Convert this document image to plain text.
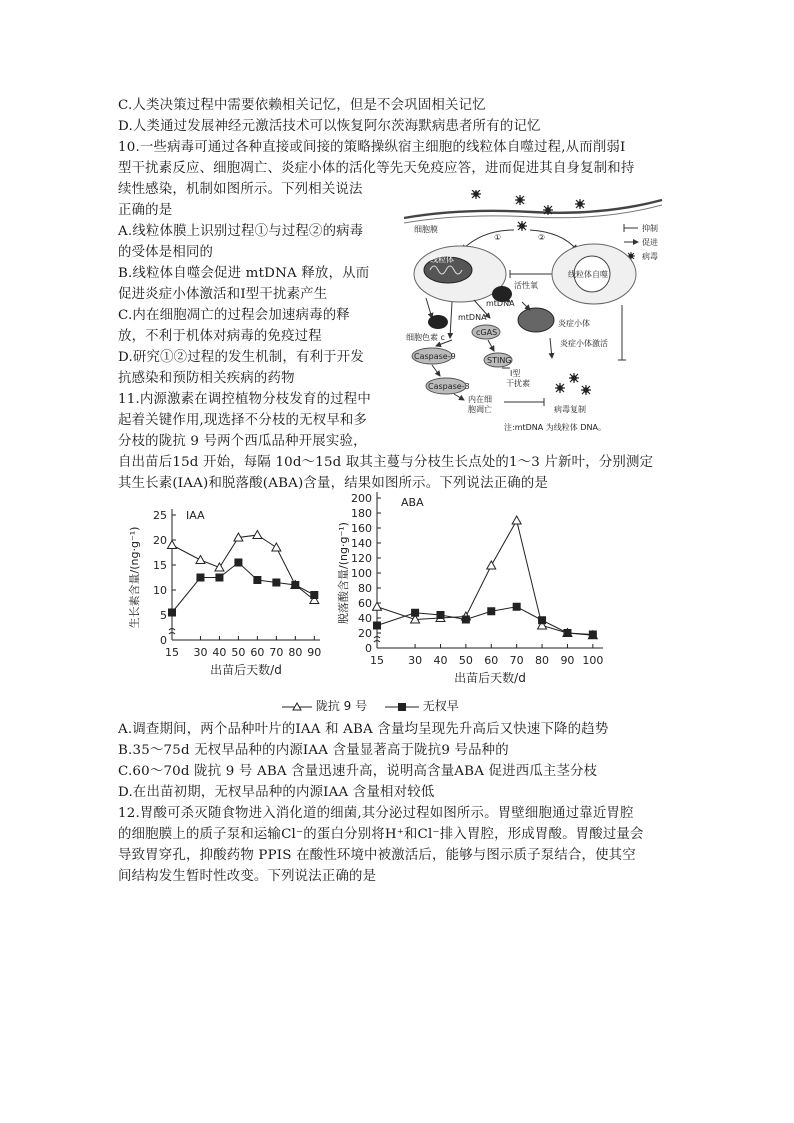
C.人类决策过程中需要依赖相关记忆，但是不会巩固相关记忆
D.人类通过发展神经元激活技术可以恢复阿尔茨海默病患者所有的记忆
10.一些病毒可通过各种直接或间接的策略操纵宿主细胞的线粒体自噬过程,从而削弱Ⅰ
型干扰素反应、细胞凋亡、炎症小体的活化等先天免疫应答，进而促进其自身复制和持
续性感染，机制如图所示。下列相关说法
正确的是
A.线粒体膜上识别过程①与过程②的病毒
的受体是相同的
B.线粒体自噬会促进 mtDNA 释放，从而
促进炎症小体激活和Ⅰ型干扰素产生
C.内在细胞凋亡的过程会加速病毒的释
放，不利于机体对病毒的免疫过程
D.研究①②过程的发生机制，有利于开发
抗感染和预防相关疾病的药物
11.内源激素在调控植物分枝发育的过程中
起着关键作用,现选择不分枝的无杈早和多
分枝的陇抗 9 号两个西瓜品种开展实验，
自出苗后15d 开始，每隔 10d～15d 取其主蔓与分枝生长点处的1～3 片新叶，分别测定
其生长素(IAA)和脱落酸(ABA)含量，结果如图所示。下列说法正确的是
细胞膜	抑制
促进
病毒
①	②
线粒体
线粒体自噬
活性氧
mtDNA
mtDNA
细胞色素 c
cGAS
Caspase-9	STING
Caspase-3
炎症小体
炎症小体激活
Ⅰ型
干扰素
内在细
胞凋亡	病毒复制
注:mtDNA 为线粒体 DNA。
0
5
10
15
20
25
15 30 40 50 60 70 80 90
出苗后天数/d
生长素含量/(ng·g⁻¹)
IAA
0
20
40
60
80
100
120
140
160
180
200
15 30 40 50 60 70 80 90 100
出苗后天数/d
脱落酸含量/(ng·g⁻¹)
ABA
陇抗 9 号	无杈早
A.调查期间，两个品种叶片的IAA 和 ABA 含量均呈现先升高后又快速下降的趋势
B.35～75d 无杈早品种的内源IAA 含量显著高于陇抗9 号品种的
C.60～70d 陇抗 9 号 ABA 含量迅速升高，说明高含量ABA 促进西瓜主茎分枝
D.在出苗初期，无杈早品种的内源IAA 含量相对较低
12.胃酸可杀灭随食物进入消化道的细菌,其分泌过程如图所示。胃壁细胞通过靠近胃腔
的细胞膜上的质子泵和运输Cl⁻的蛋白分别将H⁺和Cl⁻排入胃腔，形成胃酸。胃酸过量会
导致胃穿孔，抑酸药物 PPIS 在酸性环境中被激活后，能够与图示质子泵结合，使其空
间结构发生暂时性改变。下列说法正确的是
